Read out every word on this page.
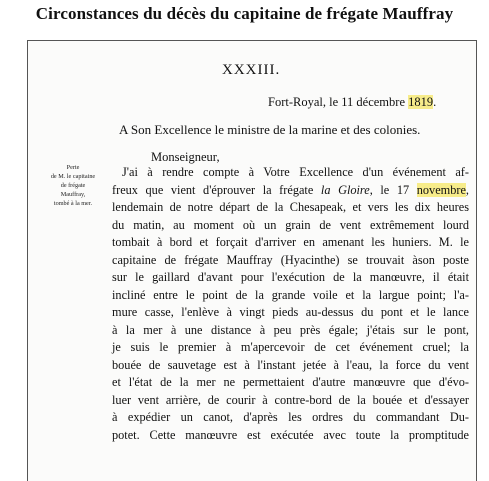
Circonstances du décès du capitaine de frégate Mauffray
XXXIII.
Fort-Royal, le 11 décembre 1819.
A Son Excellence le ministre de la marine et des colonies.
Monseigneur,
Perte
de M. le capitaine
de frégate
Mauffray,
tombé à la mer.
J'ai à rendre compte à Votre Excellence d'un événement af-
freux que vient d'éprouver la frégate la Gloire, le 17 novembre,
lendemain de notre départ de la Chesapeak, et vers les dix heures
du matin, au moment où un grain de vent extrêmement lourd
tombait à bord et forçait d'arriver en amenant les huniers. M. le
capitaine de frégate Mauffray (Hyacinthe) se trouvait àson poste
sur le gaillard d'avant pour l'exécution de la manœuvre, il était
incliné entre le point de la grande voile et la largue point; l'a-
mure casse, l'enlève à vingt pieds au-dessus du pont et le lance
à la mer à une distance à peu près égale; j'étais sur le pont,
je suis le premier à m'apercevoir de cet événement cruel; la
bouée de sauvetage est à l'instant jetée à l'eau, la force du vent
et l'état de la mer ne permettaient d'autre manœuvre que d'évo-
luer vent arrière, de courir à contre-bord de la bouée et d'essayer
à expédier un canot, d'après les ordres du commandant Du-
potet. Cette manœuvre est exécutée avec toute la promptitude
